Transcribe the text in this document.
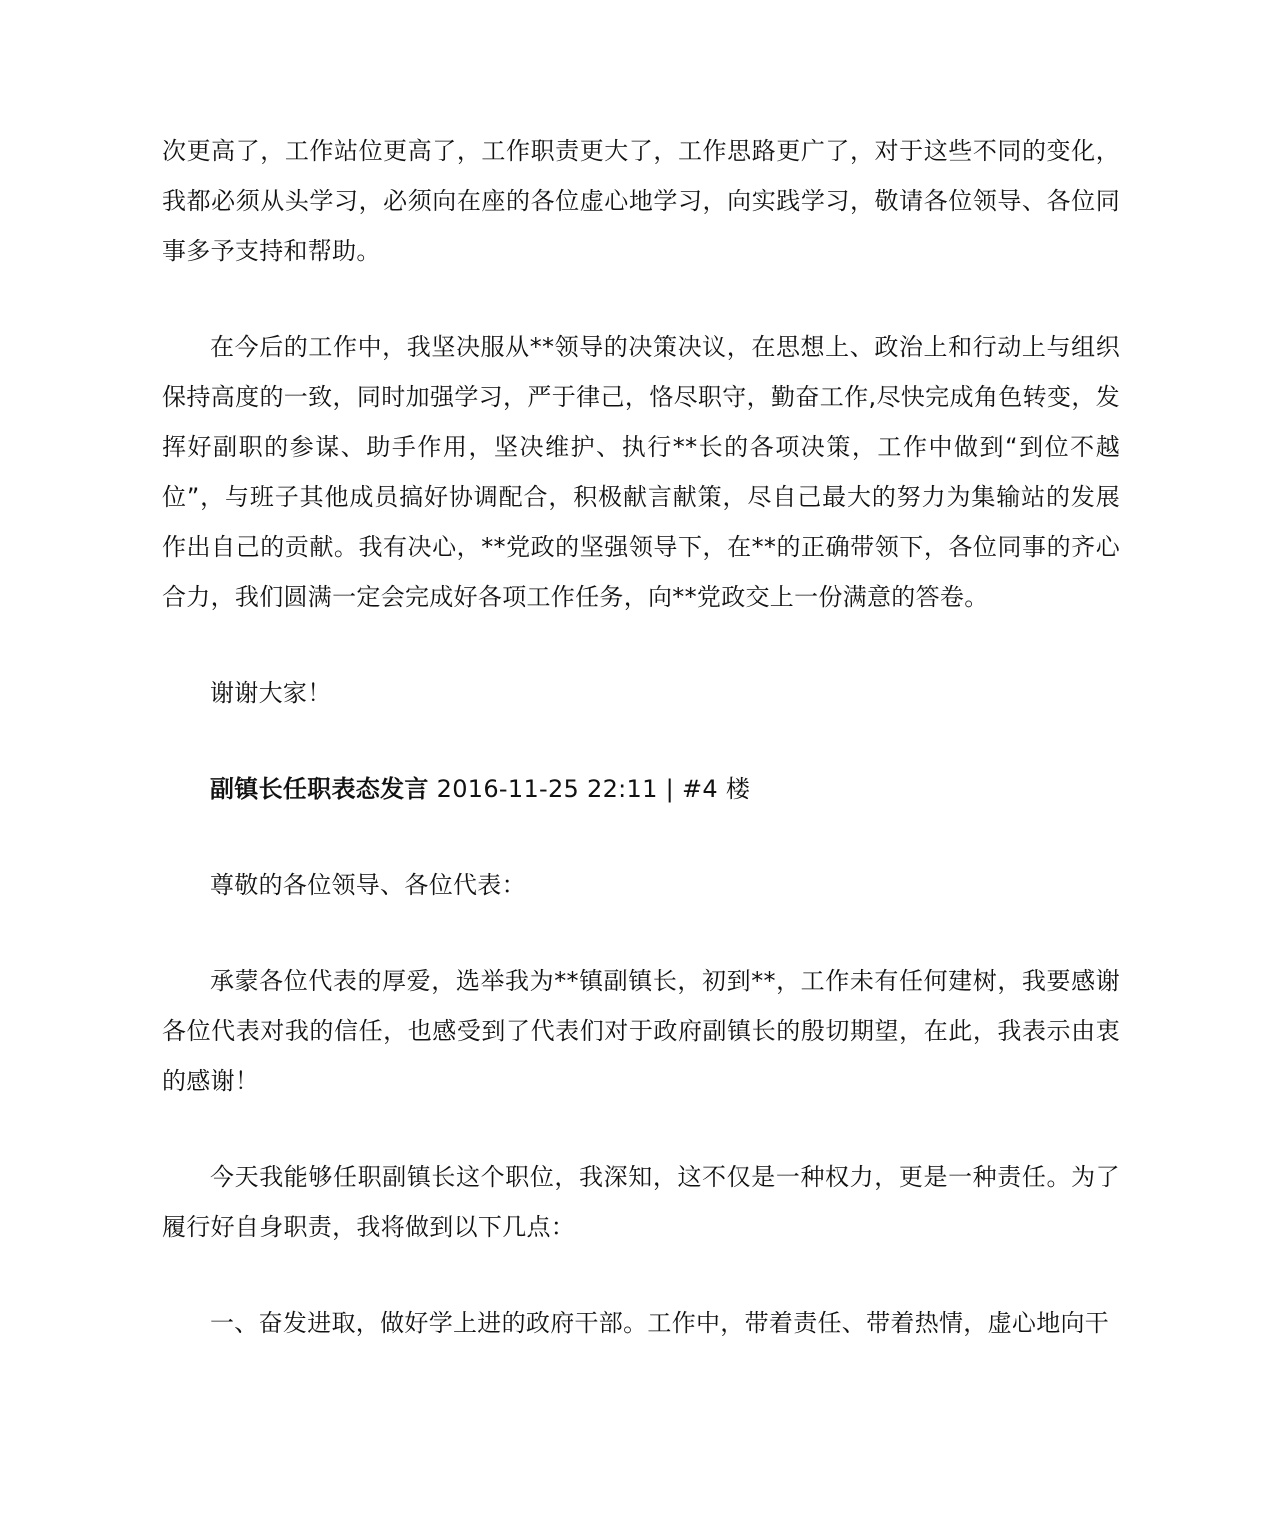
次更高了，工作站位更高了，工作职责更大了，工作思路更广了，对于这些不同的变化，我都必须从头学习，必须向在座的各位虚心地学习，向实践学习，敬请各位领导、各位同事多予支持和帮助。

在今后的工作中，我坚决服从**领导的决策决议，在思想上、政治上和行动上与组织保持高度的一致，同时加强学习，严于律己，恪尽职守，勤奋工作,尽快完成角色转变，发挥好副职的参谋、助手作用，坚决维护、执行**长的各项决策，工作中做到“到位不越位”，与班子其他成员搞好协调配合，积极献言献策，尽自己最大的努力为集输站的发展作出自己的贡献。我有决心，**党政的坚强领导下，在**的正确带领下，各位同事的齐心合力，我们圆满一定会完成好各项工作任务，向**党政交上一份满意的答卷。

谢谢大家！

副镇长任职表态发言 2016-11-25 22:11 | #4 楼

尊敬的各位领导、各位代表：

承蒙各位代表的厚爱，选举我为**镇副镇长，初到**，工作未有任何建树，我要感谢各位代表对我的信任，也感受到了代表们对于政府副镇长的殷切期望，在此，我表示由衷的感谢！

今天我能够任职副镇长这个职位，我深知，这不仅是一种权力，更是一种责任。为了履行好自身职责，我将做到以下几点：

一、奋发进取，做好学上进的政府干部。工作中，带着责任、带着热情，虚心地向干
